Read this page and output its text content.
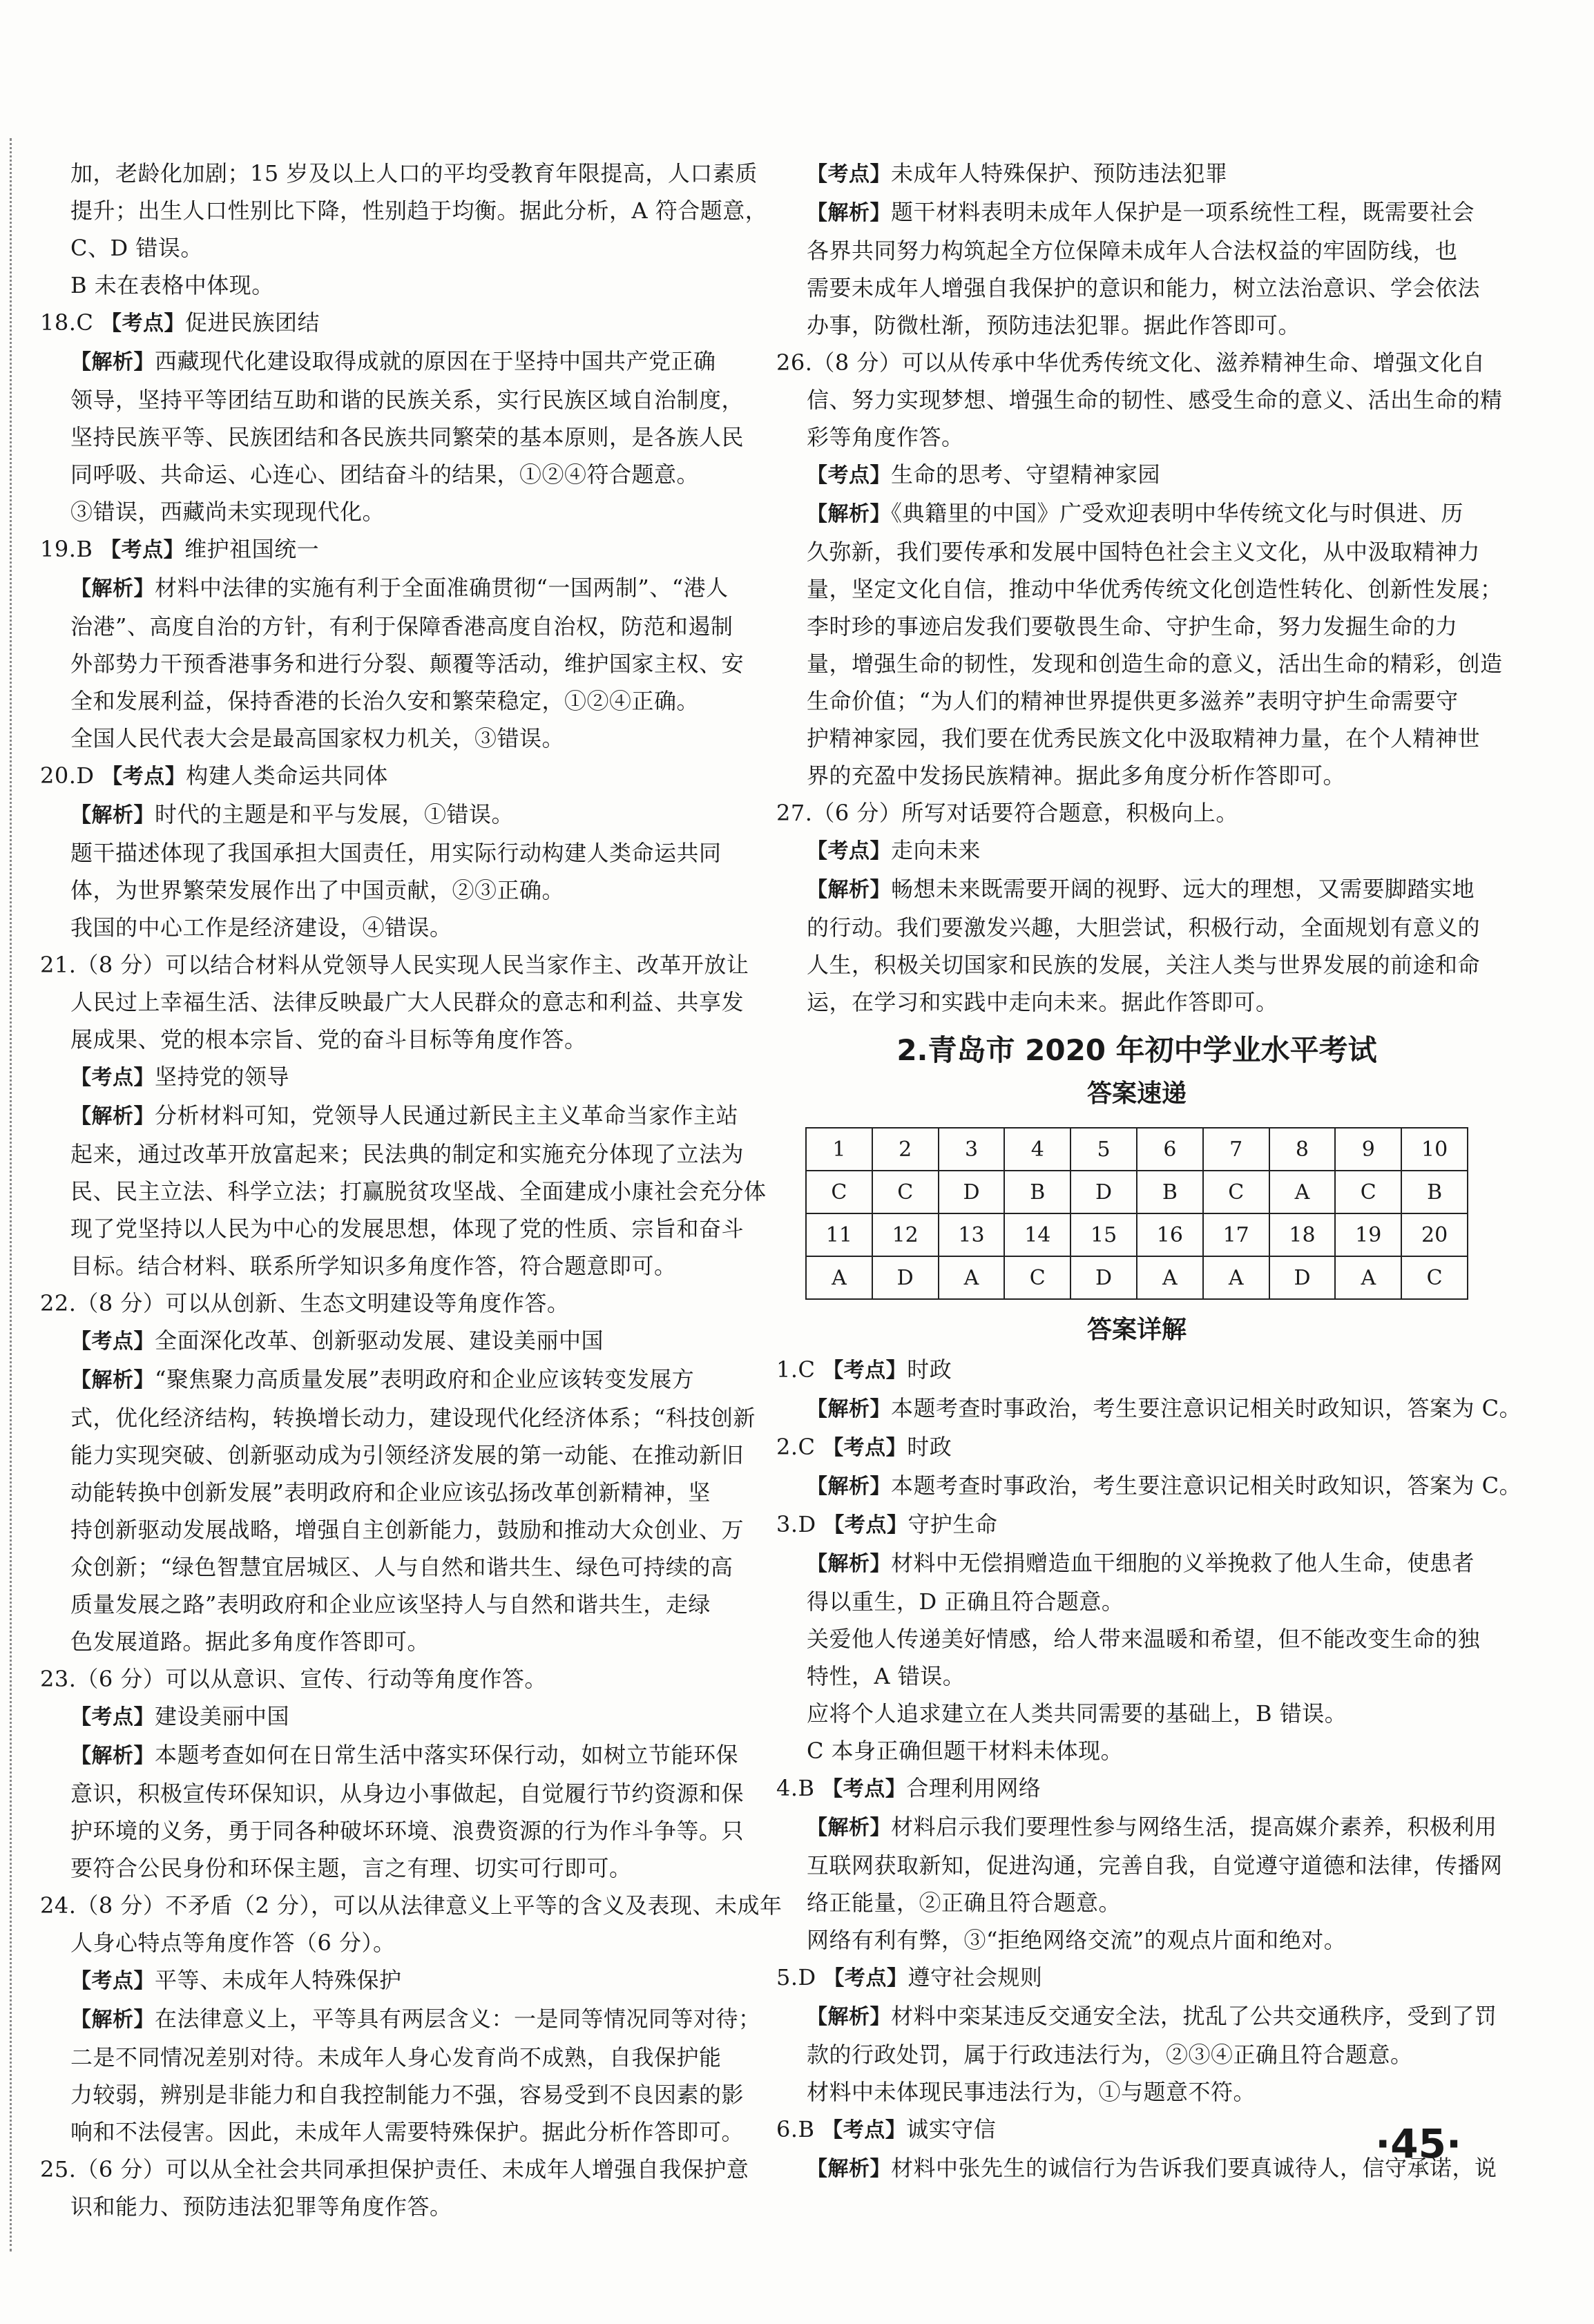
加，老龄化加剧；15 岁及以上人口的平均受教育年限提高，人口素质
提升；出生人口性别比下降，性别趋于均衡。据此分析，A 符合题意，
C、D 错误。
B 未在表格中体现。
18.C 【考点】促进民族团结
【解析】西藏现代化建设取得成就的原因在于坚持中国共产党正确
领导，坚持平等团结互助和谐的民族关系，实行民族区域自治制度，
坚持民族平等、民族团结和各民族共同繁荣的基本原则，是各族人民
同呼吸、共命运、心连心、团结奋斗的结果，①②④符合题意。
③错误，西藏尚未实现现代化。
19.B 【考点】维护祖国统一
【解析】材料中法律的实施有利于全面准确贯彻“一国两制”、“港人
治港”、高度自治的方针，有利于保障香港高度自治权，防范和遏制
外部势力干预香港事务和进行分裂、颠覆等活动，维护国家主权、安
全和发展利益，保持香港的长治久安和繁荣稳定，①②④正确。
全国人民代表大会是最高国家权力机关，③错误。
20.D 【考点】构建人类命运共同体
【解析】时代的主题是和平与发展，①错误。
题干描述体现了我国承担大国责任，用实际行动构建人类命运共同
体，为世界繁荣发展作出了中国贡献，②③正确。
我国的中心工作是经济建设，④错误。
21.（8 分）可以结合材料从党领导人民实现人民当家作主、改革开放让
人民过上幸福生活、法律反映最广大人民群众的意志和利益、共享发
展成果、党的根本宗旨、党的奋斗目标等角度作答。
【考点】坚持党的领导
【解析】分析材料可知，党领导人民通过新民主主义革命当家作主站
起来，通过改革开放富起来；民法典的制定和实施充分体现了立法为
民、民主立法、科学立法；打赢脱贫攻坚战、全面建成小康社会充分体
现了党坚持以人民为中心的发展思想，体现了党的性质、宗旨和奋斗
目标。结合材料、联系所学知识多角度作答，符合题意即可。
22.（8 分）可以从创新、生态文明建设等角度作答。
【考点】全面深化改革、创新驱动发展、建设美丽中国
【解析】“聚焦聚力高质量发展”表明政府和企业应该转变发展方
式，优化经济结构，转换增长动力，建设现代化经济体系；“科技创新
能力实现突破、创新驱动成为引领经济发展的第一动能、在推动新旧
动能转换中创新发展”表明政府和企业应该弘扬改革创新精神，坚
持创新驱动发展战略，增强自主创新能力，鼓励和推动大众创业、万
众创新；“绿色智慧宜居城区、人与自然和谐共生、绿色可持续的高
质量发展之路”表明政府和企业应该坚持人与自然和谐共生，走绿
色发展道路。据此多角度作答即可。
23.（6 分）可以从意识、宣传、行动等角度作答。
【考点】建设美丽中国
【解析】本题考查如何在日常生活中落实环保行动，如树立节能环保
意识，积极宣传环保知识，从身边小事做起，自觉履行节约资源和保
护环境的义务，勇于同各种破坏环境、浪费资源的行为作斗争等。只
要符合公民身份和环保主题，言之有理、切实可行即可。
24.（8 分）不矛盾（2 分），可以从法律意义上平等的含义及表现、未成年
人身心特点等角度作答（6 分）。
【考点】平等、未成年人特殊保护
【解析】在法律意义上，平等具有两层含义：一是同等情况同等对待；
二是不同情况差别对待。未成年人身心发育尚不成熟，自我保护能
力较弱，辨别是非能力和自我控制能力不强，容易受到不良因素的影
响和不法侵害。因此，未成年人需要特殊保护。据此分析作答即可。
25.（6 分）可以从全社会共同承担保护责任、未成年人增强自我保护意
识和能力、预防违法犯罪等角度作答。
【考点】未成年人特殊保护、预防违法犯罪
【解析】题干材料表明未成年人保护是一项系统性工程，既需要社会
各界共同努力构筑起全方位保障未成年人合法权益的牢固防线，也
需要未成年人增强自我保护的意识和能力，树立法治意识、学会依法
办事，防微杜渐，预防违法犯罪。据此作答即可。
26.（8 分）可以从传承中华优秀传统文化、滋养精神生命、增强文化自
信、努力实现梦想、增强生命的韧性、感受生命的意义、活出生命的精
彩等角度作答。
【考点】生命的思考、守望精神家园
【解析】《典籍里的中国》广受欢迎表明中华传统文化与时俱进、历
久弥新，我们要传承和发展中国特色社会主义文化，从中汲取精神力
量，坚定文化自信，推动中华优秀传统文化创造性转化、创新性发展；
李时珍的事迹启发我们要敬畏生命、守护生命，努力发掘生命的力
量，增强生命的韧性，发现和创造生命的意义，活出生命的精彩，创造
生命价值；“为人们的精神世界提供更多滋养”表明守护生命需要守
护精神家园，我们要在优秀民族文化中汲取精神力量，在个人精神世
界的充盈中发扬民族精神。据此多角度分析作答即可。
27.（6 分）所写对话要符合题意，积极向上。
【考点】走向未来
【解析】畅想未来既需要开阔的视野、远大的理想，又需要脚踏实地
的行动。我们要激发兴趣，大胆尝试，积极行动，全面规划有意义的
人生，积极关切国家和民族的发展，关注人类与世界发展的前途和命
运，在学习和实践中走向未来。据此作答即可。
2.青岛市 2020 年初中学业水平考试
答案速递
1	2	3	4	5	6	7	8	9	10
C	C	D	B	D	B	C	A	C	B
11	12	13	14	15	16	17	18	19	20
A	D	A	C	D	A	A	D	A	C
答案详解
1.C 【考点】时政
【解析】本题考查时事政治，考生要注意识记相关时政知识，答案为 C。
2.C 【考点】时政
【解析】本题考查时事政治，考生要注意识记相关时政知识，答案为 C。
3.D 【考点】守护生命
【解析】材料中无偿捐赠造血干细胞的义举挽救了他人生命，使患者
得以重生，D 正确且符合题意。
关爱他人传递美好情感，给人带来温暖和希望，但不能改变生命的独
特性，A 错误。
应将个人追求建立在人类共同需要的基础上，B 错误。
C 本身正确但题干材料未体现。
4.B 【考点】合理利用网络
【解析】材料启示我们要理性参与网络生活，提高媒介素养，积极利用
互联网获取新知，促进沟通，完善自我，自觉遵守道德和法律，传播网
络正能量，②正确且符合题意。
网络有利有弊，③“拒绝网络交流”的观点片面和绝对。
5.D 【考点】遵守社会规则
【解析】材料中栾某违反交通安全法，扰乱了公共交通秩序，受到了罚
款的行政处罚，属于行政违法行为，②③④正确且符合题意。
材料中未体现民事违法行为，①与题意不符。
6.B 【考点】诚实守信
【解析】材料中张先生的诚信行为告诉我们要真诚待人，信守承诺，说
·45·
